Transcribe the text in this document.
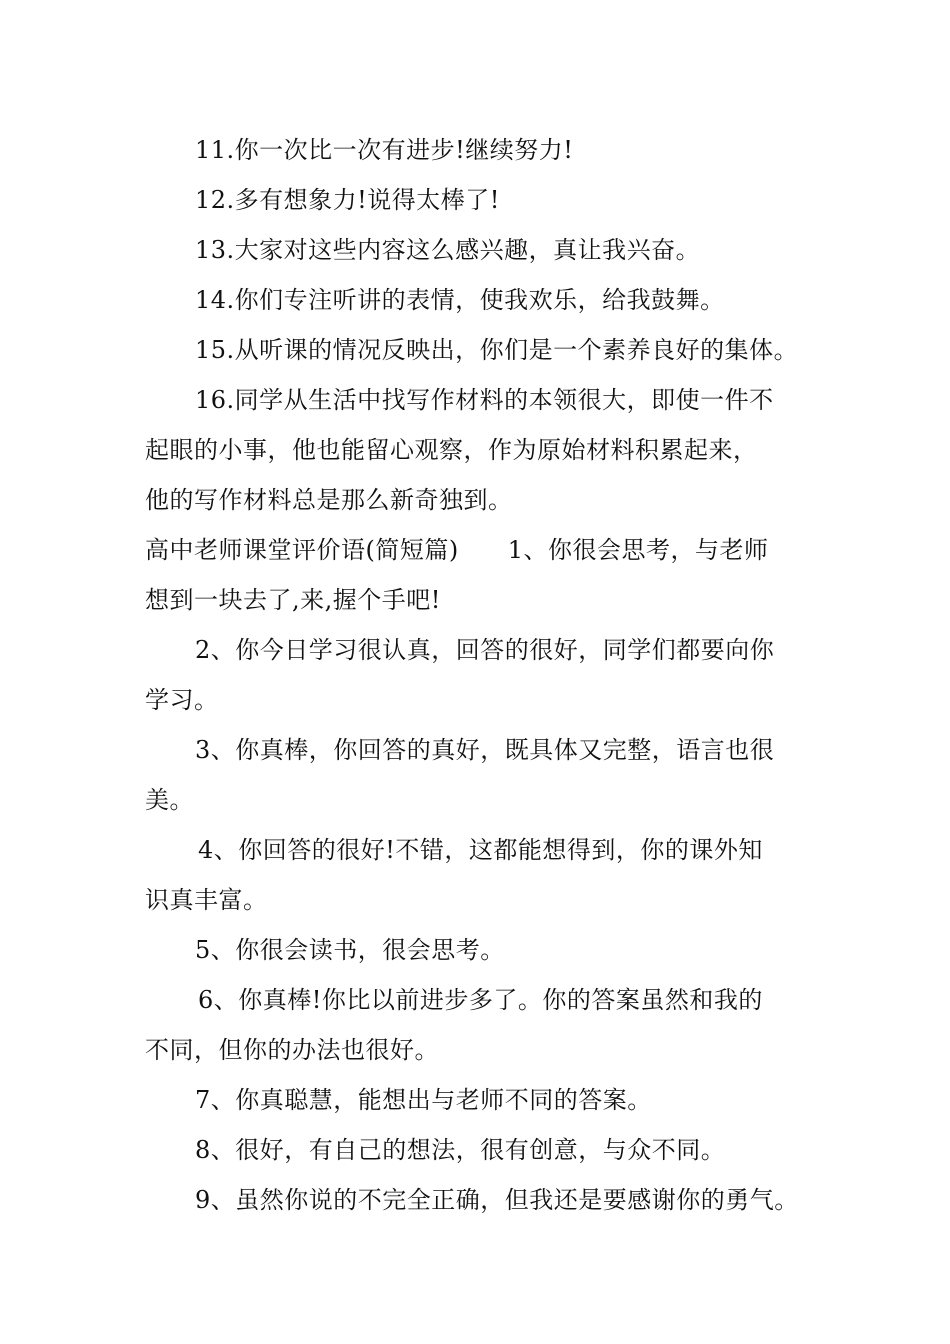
11.你一次比一次有进步!继续努力!
12.多有想象力!说得太棒了!
13.大家对这些内容这么感兴趣，真让我兴奋。
14.你们专注听讲的表情，使我欢乐，给我鼓舞。
15.从听课的情况反映出，你们是一个素养良好的集体。
16.同学从生活中找写作材料的本领很大，即使一件不
起眼的小事，他也能留心观察，作为原始材料积累起来，
他的写作材料总是那么新奇独到。
高中老师课堂评价语(简短篇)　　1、你很会思考，与老师
想到一块去了,来,握个手吧!
2、你今日学习很认真，回答的很好，同学们都要向你
学习。
3、你真棒，你回答的真好，既具体又完整，语言也很
美。
4、你回答的很好!不错，这都能想得到，你的课外知
识真丰富。
5、你很会读书，很会思考。
6、你真棒!你比以前进步多了。你的答案虽然和我的
不同，但你的办法也很好。
7、你真聪慧，能想出与老师不同的答案。
8、很好，有自己的想法，很有创意，与众不同。
9、虽然你说的不完全正确，但我还是要感谢你的勇气。
